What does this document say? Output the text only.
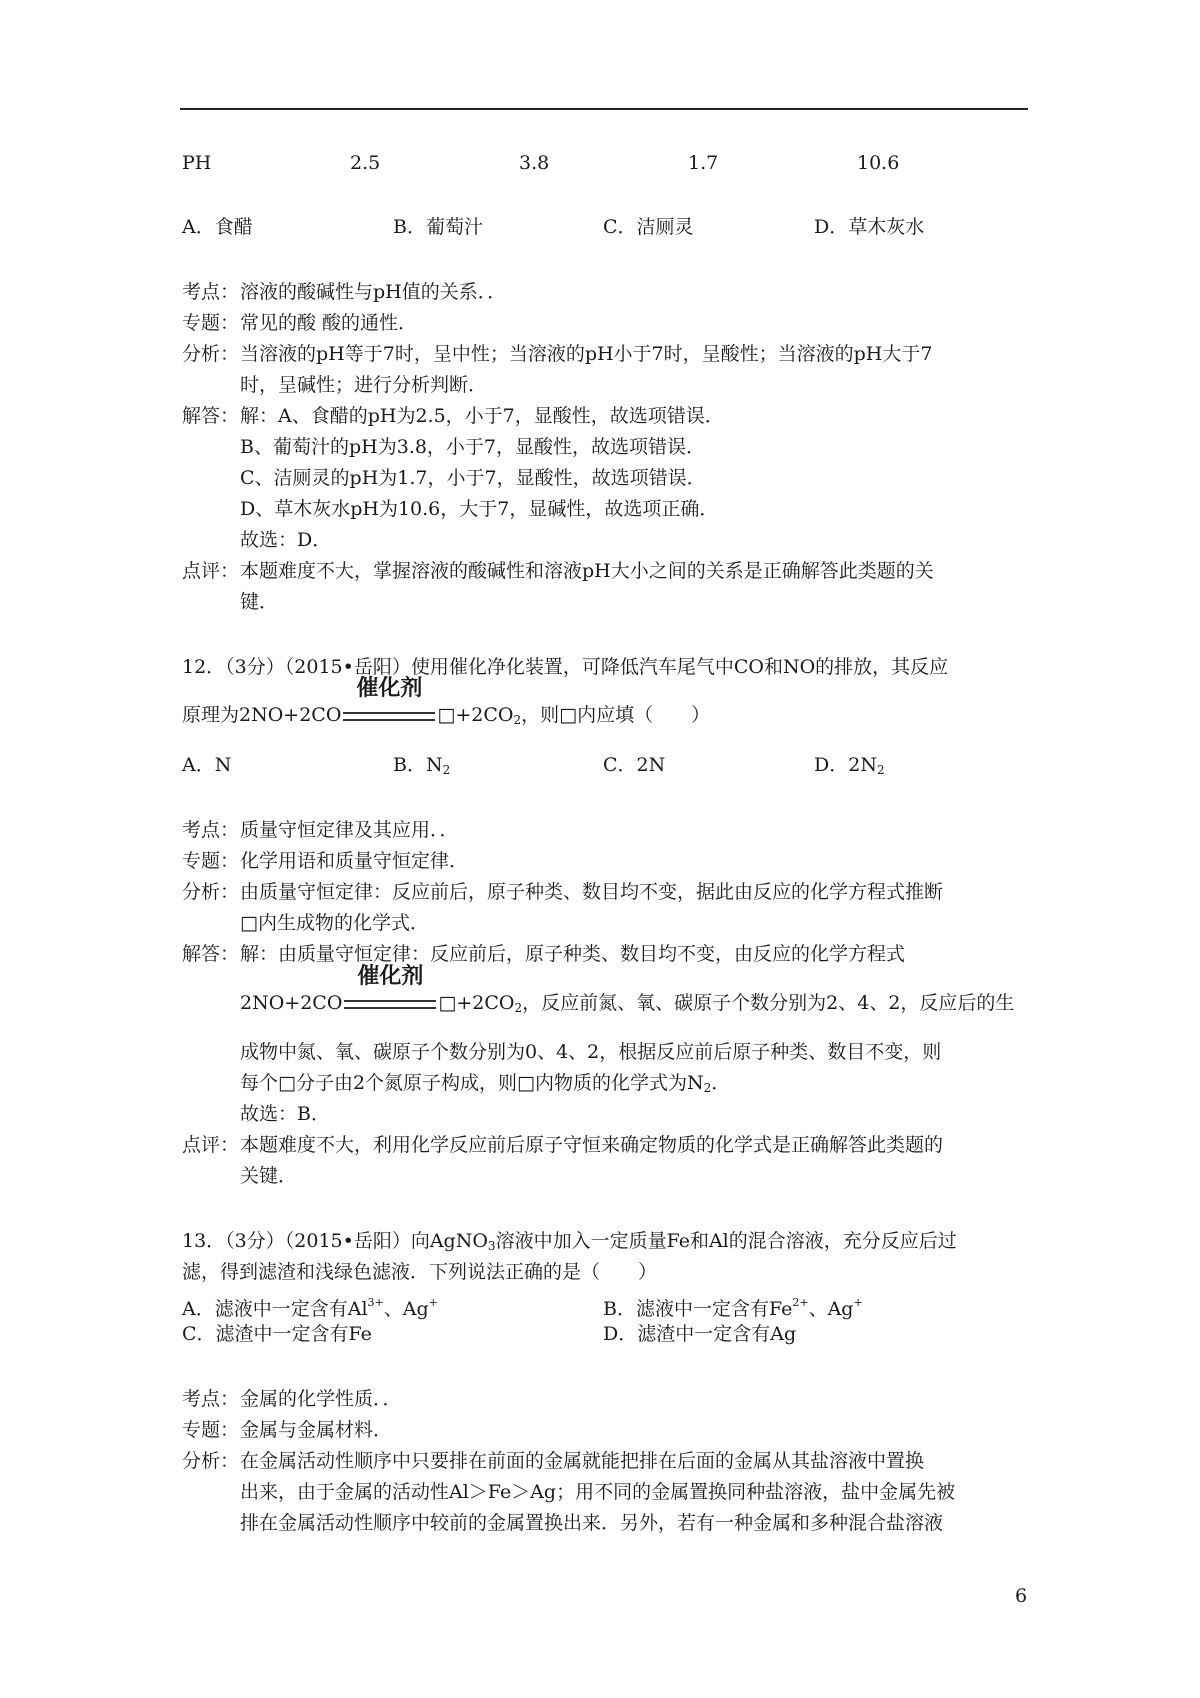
PH	2.5	3.8	1.7	10.6
A．食醋	B．葡萄汁	C．洁厕灵	D．草木灰水
考点： 溶液的酸碱性与pH值的关系．．
专题： 常见的酸 酸的通性．
分析： 当溶液的pH等于7时，呈中性；当溶液的pH小于7时，呈酸性；当溶液的pH大于7
时，呈碱性；进行分析判断．
解答： 解：A、食醋的pH为2.5，小于7，显酸性，故选项错误．
B、葡萄汁的pH为3.8，小于7，显酸性，故选项错误．
C、洁厕灵的pH为1.7，小于7，显酸性，故选项错误．
D、草木灰水pH为10.6，大于7，显碱性，故选项正确．
故选：D．
点评： 本题难度不大，掌握溶液的酸碱性和溶液pH大小之间的关系是正确解答此类题的关
键．
12．（3分）（2015•岳阳）使用催化净化装置，可降低汽车尾气中CO和NO的排放，其反应
原理为2NO+2CO
催化剂
$□+2CO_2$，则□内应填（　　）
A．N	B．$N_2$	C．2N	D．$2N_2$
考点： 质量守恒定律及其应用．．
专题： 化学用语和质量守恒定律．
分析： 由质量守恒定律：反应前后，原子种类、数目均不变，据此由反应的化学方程式推断
□内生成物的化学式．
解答： 解：由质量守恒定律：反应前后，原子种类、数目均不变，由反应的化学方程式
2NO+2CO
催化剂
$□+2CO_2$，反应前氮、氧、碳原子个数分别为2、4、2，反应后的生
成物中氮、氧、碳原子个数分别为0、4、2，根据反应前后原子种类、数目不变，则
每个□分子由2个氮原子构成，则□内物质的化学式为$N_2$．
故选：B．
点评： 本题难度不大，利用化学反应前后原子守恒来确定物质的化学式是正确解答此类题的
关键．
13．（3分）（2015•岳阳）向AgNO$_3$溶液中加入一定质量Fe和Al的混合溶液，充分反应后过
滤，得到滤渣和浅绿色滤液．下列说法正确的是（　　）
A．滤液中一定含有$Al^{3+}$、Ag+	B．滤液中一定含有$Fe^{2+}$、Ag+
C．滤渣中一定含有Fe	D．滤渣中一定含有Ag
考点： 金属的化学性质．．
专题： 金属与金属材料．
分析： 在金属活动性顺序中只要排在前面的金属就能把排在后面的金属从其盐溶液中置换
出来，由于金属的活动性Al＞Fe＞Ag；用不同的金属置换同种盐溶液，盐中金属先被
排在金属活动性顺序中较前的金属置换出来．另外，若有一种金属和多种混合盐溶液
6
